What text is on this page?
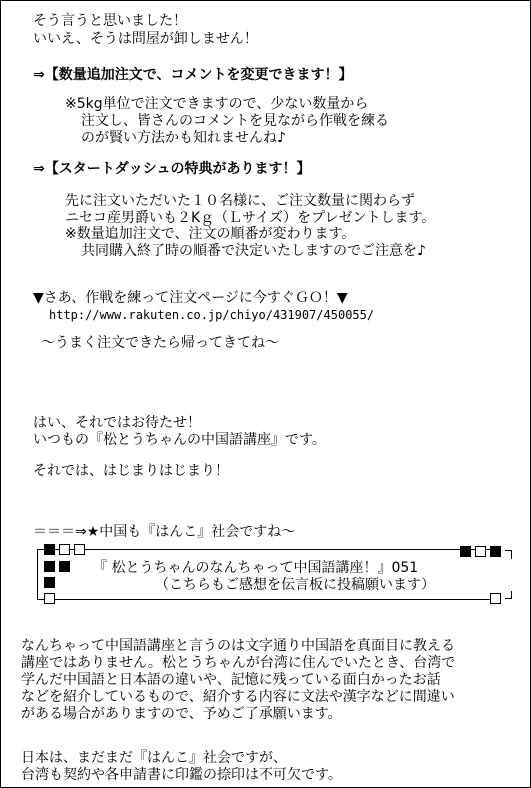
そう言うと思いました！

いいえ、そうは問屋が卸しません！

⇒【数量追加注文で、コメントを変更できます！】

※5kg単位で注文できますので、少ない数量から

注文し、皆さんのコメントを見ながら作戦を練る

のが賢い方法かも知れませんね♪

⇒【スタートダッシュの特典があります！】

先に注文いただいた１０名様に、ご注文数量に関わらず

ニセコ産男爵いも２Kｇ（Ｌサイズ）をプレゼントします。

※数量追加注文で、注文の順番が変わります。

共同購入終了時の順番で決定いたしますのでご注意を♪

▼さあ、作戦を練って注文ページに今すぐＧＯ！▼

http://www.rakuten.co.jp/chiyo/431907/450055/

～うまく注文できたら帰ってきてね～

はい、それではお待たせ！

いつもの『松とうちゃんの中国語講座』です。

それでは、はじまりはじまり！

＝＝＝⇒★中国も『はんこ』社会ですね～

『 松とうちゃんのなんちゃって中国語講座！』051

（こちらもご感想を伝言板に投稿願います）

なんちゃって中国語講座と言うのは文字通り中国語を真面目に教える

講座ではありません。松とうちゃんが台湾に住んでいたとき、台湾で

学んだ中国語と日本語の違いや、記憶に残っている面白かったお話

などを紹介しているもので、紹介する内容に文法や漢字などに間違い

がある場合がありますので、予めご了承願います。

日本は、まだまだ『はんこ』社会ですが、

台湾も契約や各申請書に印鑑の捺印は不可欠です。
